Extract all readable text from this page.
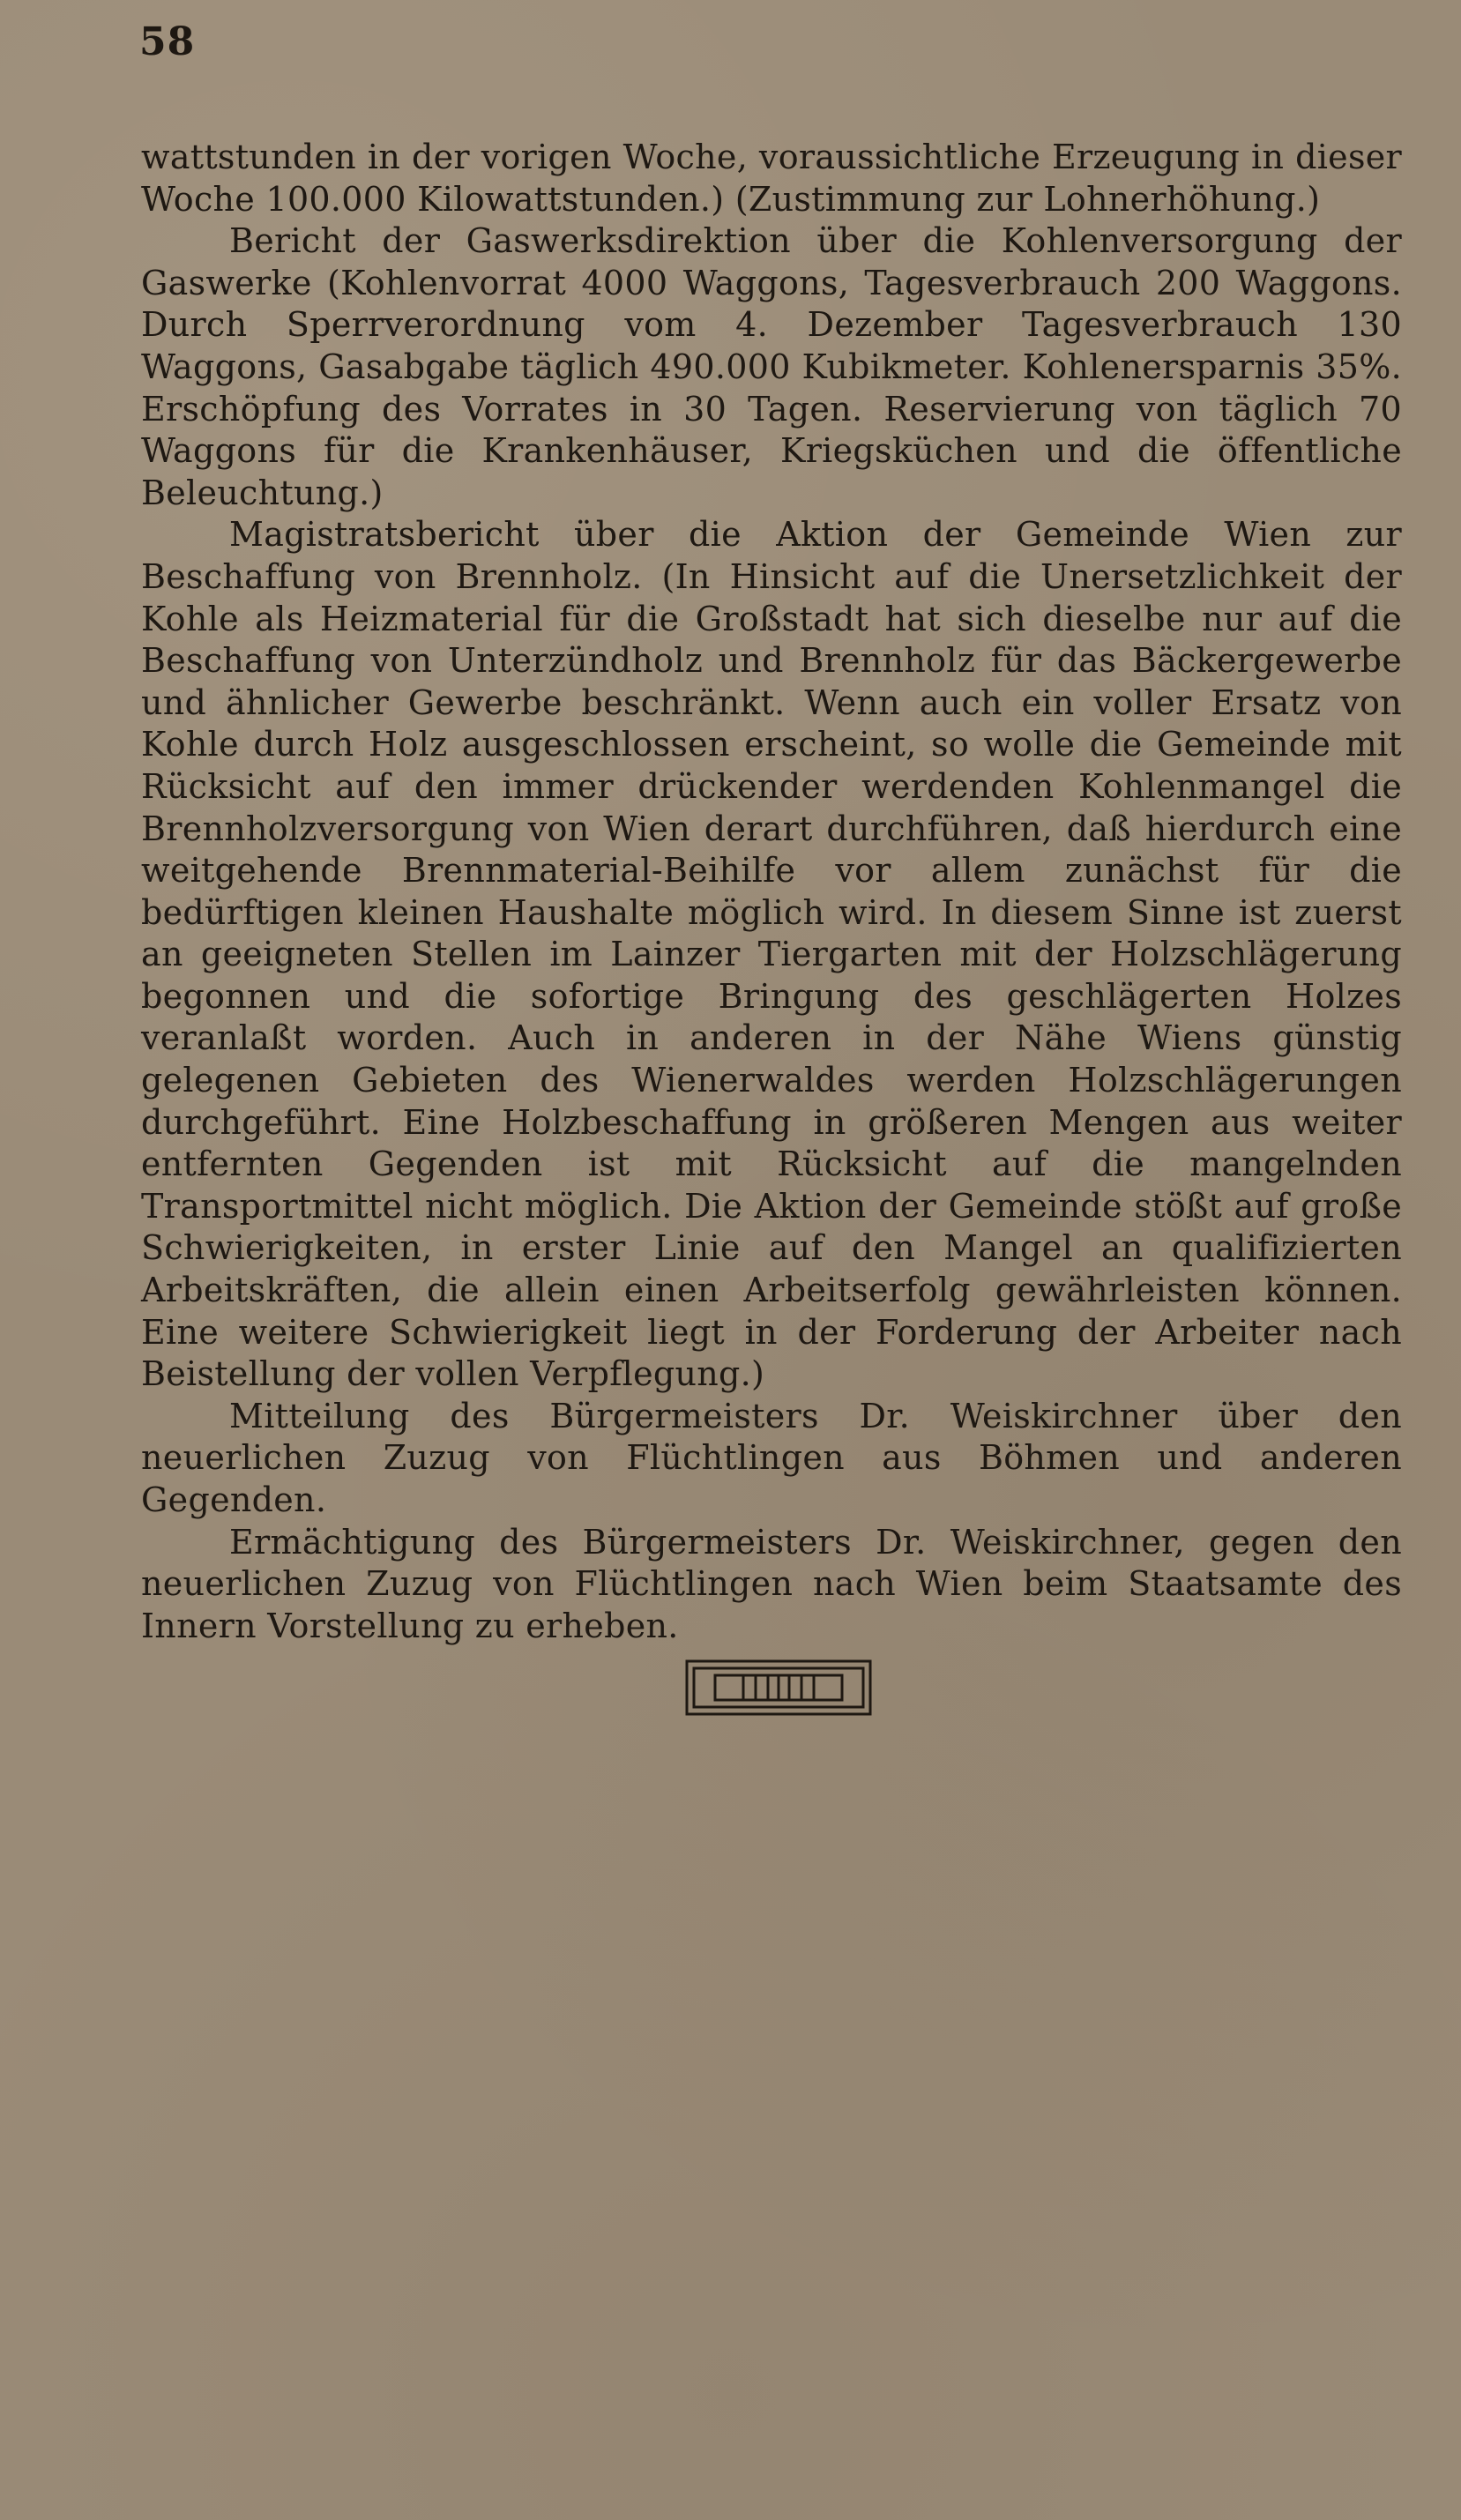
58

wattstunden in der vorigen Woche, voraussichtliche Erzeugung in dieser Woche 100.000 Kilowattstunden.) (Zustimmung zur Lohnerhöhung.)

Bericht der Gaswerksdirektion über die Kohlenversorgung der Gaswerke (Kohlenvorrat 4000 Waggons, Tagesverbrauch 200 Waggons. Durch Sperrverordnung vom 4. Dezember Tagesverbrauch 130 Waggons, Gasabgabe täglich 490.000 Kubikmeter. Kohlenersparnis 35%. Erschöpfung des Vorrates in 30 Tagen. Reservierung von täglich 70 Waggons für die Krankenhäuser, Kriegsküchen und die öffentliche Beleuchtung.)

Magistratsbericht über die Aktion der Gemeinde Wien zur Beschaffung von Brennholz. (In Hinsicht auf die Unersetzlichkeit der Kohle als Heizmaterial für die Großstadt hat sich dieselbe nur auf die Beschaffung von Unterzündholz und Brennholz für das Bäckergewerbe und ähnlicher Gewerbe beschränkt. Wenn auch ein voller Ersatz von Kohle durch Holz ausgeschlossen erscheint, so wolle die Gemeinde mit Rücksicht auf den immer drückender werdenden Kohlenmangel die Brennholzversorgung von Wien derart durchführen, daß hierdurch eine weitgehende Brennmaterial-Beihilfe vor allem zunächst für die bedürftigen kleinen Haushalte möglich wird. In diesem Sinne ist zuerst an geeigneten Stellen im Lainzer Tiergarten mit der Holzschlägerung begonnen und die sofortige Bringung des geschlägerten Holzes veranlaßt worden. Auch in anderen in der Nähe Wiens günstig gelegenen Gebieten des Wienerwaldes werden Holzschlägerungen durchgeführt. Eine Holzbeschaffung in größeren Mengen aus weiter entfernten Gegenden ist mit Rücksicht auf die mangelnden Transportmittel nicht möglich. Die Aktion der Gemeinde stößt auf große Schwierigkeiten, in erster Linie auf den Mangel an qualifizierten Arbeitskräften, die allein einen Arbeitserfolg gewährleisten können. Eine weitere Schwierigkeit liegt in der Forderung der Arbeiter nach Beistellung der vollen Verpflegung.)

Mitteilung des Bürgermeisters Dr. Weiskirchner über den neuerlichen Zuzug von Flüchtlingen aus Böhmen und anderen Gegenden.

Ermächtigung des Bürgermeisters Dr. Weiskirchner, gegen den neuerlichen Zuzug von Flüchtlingen nach Wien beim Staatsamte des Innern Vorstellung zu erheben.
